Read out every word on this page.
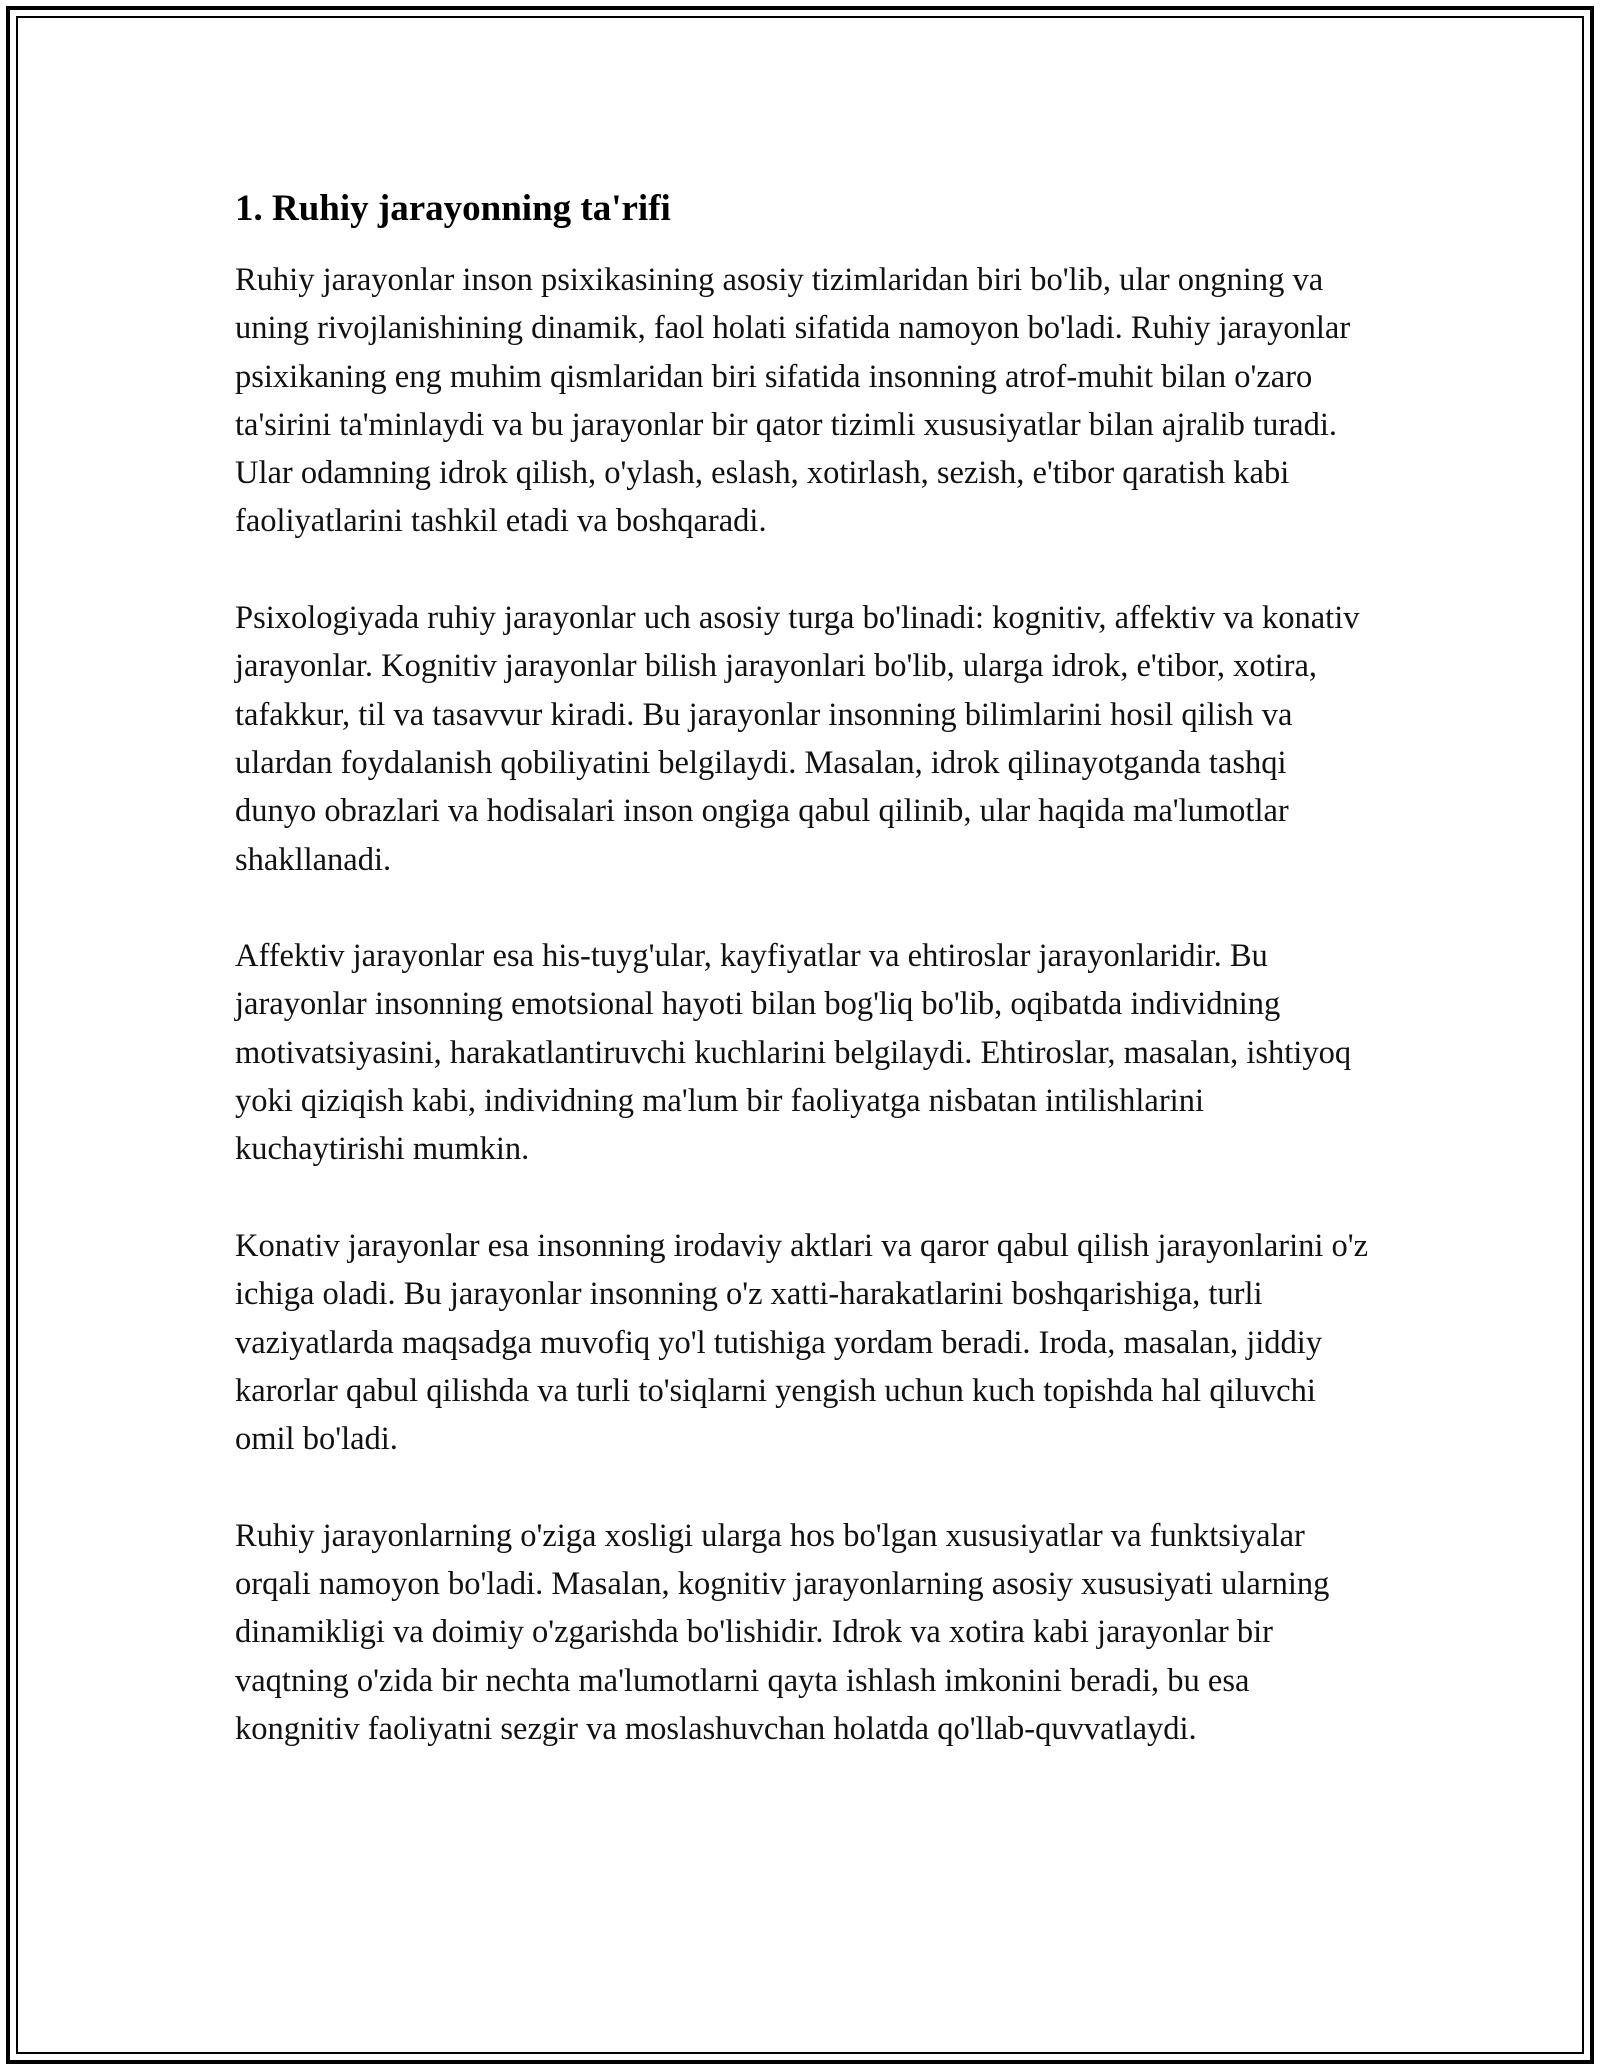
1. Ruhiy jarayonning ta'rifi

Ruhiy jarayonlar inson psixikasining asosiy tizimlaridan biri bo'lib, ular ongning va uning rivojlanishining dinamik, faol holati sifatida namoyon bo'ladi. Ruhiy jarayonlar psixikaning eng muhim qismlaridan biri sifatida insonning atrof-muhit bilan o'zaro ta'sirini ta'minlaydi va bu jarayonlar bir qator tizimli xususiyatlar bilan ajralib turadi. Ular odamning idrok qilish, o'ylash, eslash, xotirlash, sezish, e'tibor qaratish kabi faoliyatlarini tashkil etadi va boshqaradi.

Psixologiyada ruhiy jarayonlar uch asosiy turga bo'linadi: kognitiv, affektiv va konativ jarayonlar. Kognitiv jarayonlar bilish jarayonlari bo'lib, ularga idrok, e'tibor, xotira, tafakkur, til va tasavvur kiradi. Bu jarayonlar insonning bilimlarini hosil qilish va ulardan foydalanish qobiliyatini belgilaydi. Masalan, idrok qilinayotganda tashqi dunyo obrazlari va hodisalari inson ongiga qabul qilinib, ular haqida ma'lumotlar shakllanadi.

Affektiv jarayonlar esa his-tuyg'ular, kayfiyatlar va ehtiroslar jarayonlaridir. Bu jarayonlar insonning emotsional hayoti bilan bog'liq bo'lib, oqibatda individning motivatsiyasini, harakatlantiruvchi kuchlarini belgilaydi. Ehtiroslar, masalan, ishtiyoq yoki qiziqish kabi, individning ma'lum bir faoliyatga nisbatan intilishlarini kuchaytirishi mumkin.

Konativ jarayonlar esa insonning irodaviy aktlari va qaror qabul qilish jarayonlarini o'z ichiga oladi. Bu jarayonlar insonning o'z xatti-harakatlarini boshqarishiga, turli vaziyatlarda maqsadga muvofiq yo'l tutishiga yordam beradi. Iroda, masalan, jiddiy karorlar qabul qilishda va turli to'siqlarni yengish uchun kuch topishda hal qiluvchi omil bo'ladi.

Ruhiy jarayonlarning o'ziga xosligi ularga hos bo'lgan xususiyatlar va funktsiyalar orqali namoyon bo'ladi. Masalan, kognitiv jarayonlarning asosiy xususiyati ularning dinamikligi va doimiy o'zgarishda bo'lishidir. Idrok va xotira kabi jarayonlar bir vaqtning o'zida bir nechta ma'lumotlarni qayta ishlash imkonini beradi, bu esa kongnitiv faoliyatni sezgir va moslashuvchan holatda qo'llab-quvvatlaydi.
